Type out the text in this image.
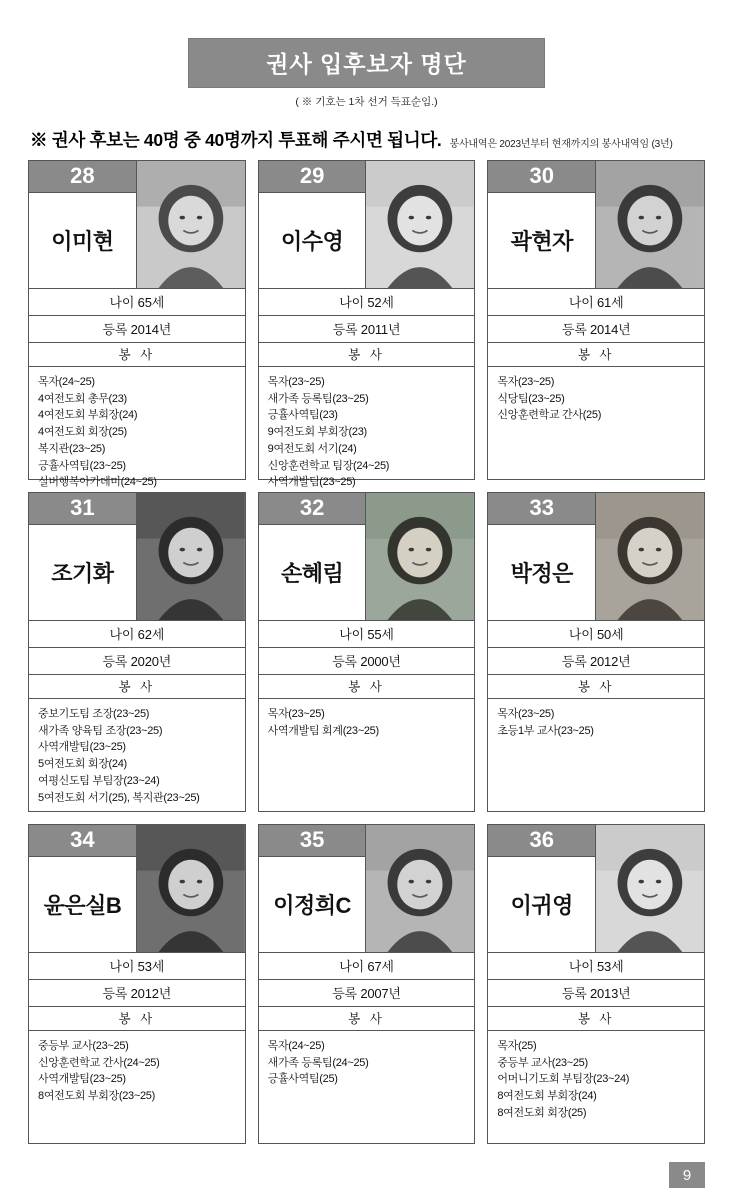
권사 입후보자 명단
( ※ 기호는 1차 선거 득표순임.)
※ 권사 후보는 40명 중 40명까지 투표해 주시면 됩니다. 봉사내역은 2023년부터 현재까지의 봉사내역임 (3년)
28
이미현
나이 65세
등록 2014년
봉 사
목자(24~25)
4여전도회 총무(23)
4여전도회 부회장(24)
4여전도회 회장(25)
복지관(23~25)
긍휼사역팀(23~25)
실버행복아카데미(24~25)
29
이수영
나이 52세
등록 2011년
봉 사
목자(23~25)
새가족 등록팀(23~25)
긍휼사역팀(23)
9여전도회 부회장(23)
9여전도회 서기(24)
신앙훈련학교 팀장(24~25)
사역개발팀(23~25)
30
곽현자
나이 61세
등록 2014년
봉 사
목자(23~25)
식당팀(23~25)
신앙훈련학교 간사(25)
31
조기화
나이 62세
등록 2020년
봉 사
중보기도팀 조장(23~25)
새가족 양육팀 조장(23~25)
사역개발팀(23~25)
5여전도회 회장(24)
여평신도팀 부팀장(23~24)
5여전도회 서기(25), 복지관(23~25)
32
손혜림
나이 55세
등록 2000년
봉 사
목자(23~25)
사역개발팀 회계(23~25)
33
박정은
나이 50세
등록 2012년
봉 사
목자(23~25)
초등1부 교사(23~25)
34
윤은실B
나이 53세
등록 2012년
봉 사
중등부 교사(23~25)
신앙훈련학교 간사(24~25)
사역개발팀(23~25)
8여전도회 부회장(23~25)
35
이정희C
나이 67세
등록 2007년
봉 사
목자(24~25)
새가족 등록팀(24~25)
긍휼사역팀(25)
36
이귀영
나이 53세
등록 2013년
봉 사
목자(25)
중등부 교사(23~25)
어머니기도회 부팀장(23~24)
8여전도회 부회장(24)
8여전도회 회장(25)
9
